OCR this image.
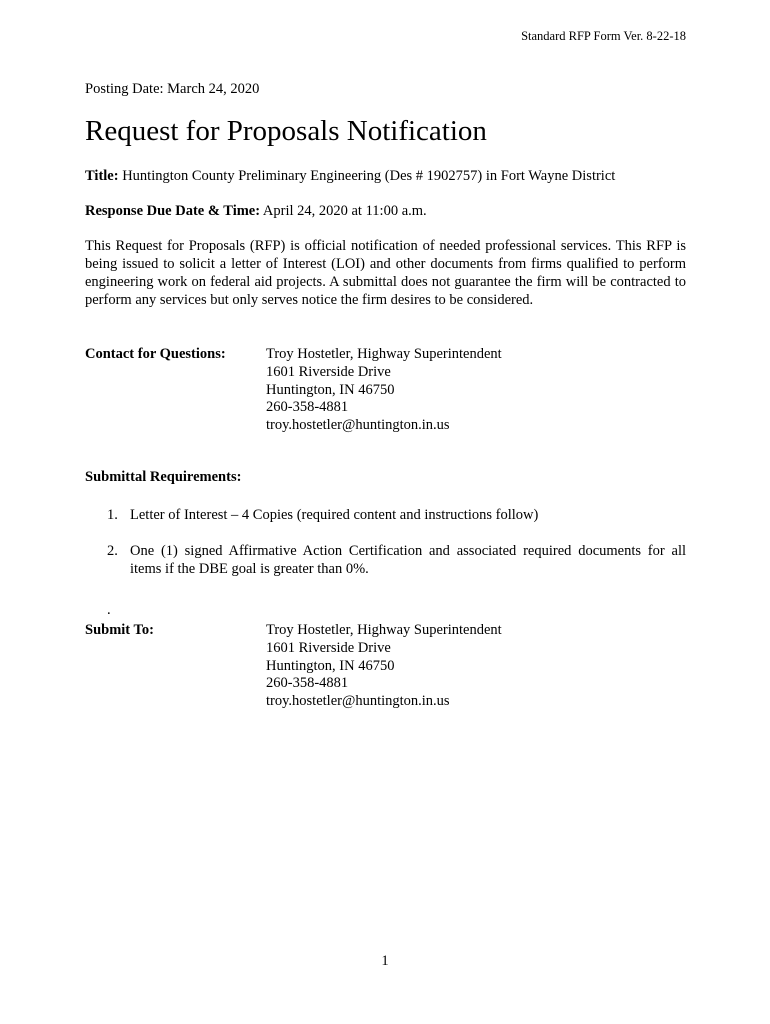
Standard RFP Form Ver. 8-22-18
Posting Date: March 24, 2020
Request for Proposals Notification
Title: Huntington County Preliminary Engineering (Des # 1902757) in Fort Wayne District
Response Due Date & Time: April 24, 2020 at 11:00 a.m.

This Request for Proposals (RFP) is official notification of needed professional services. This RFP is being issued to solicit a letter of Interest (LOI) and other documents from firms qualified to perform engineering work on federal aid projects. A submittal does not guarantee the firm will be contracted to perform any services but only serves notice the firm desires to be considered.

Contact for Questions:	Troy Hostetler, Highway Superintendent
1601 Riverside Drive
Huntington, IN 46750
260-358-4881
troy.hostetler@huntington.in.us
Submittal Requirements:
1. Letter of Interest – 4 Copies (required content and instructions follow)
2. One (1) signed Affirmative Action Certification and associated required documents for all items if the DBE goal is greater than 0%.
.
Submit To:	Troy Hostetler, Highway Superintendent
1601 Riverside Drive
Huntington, IN 46750
260-358-4881
troy.hostetler@huntington.in.us
1
